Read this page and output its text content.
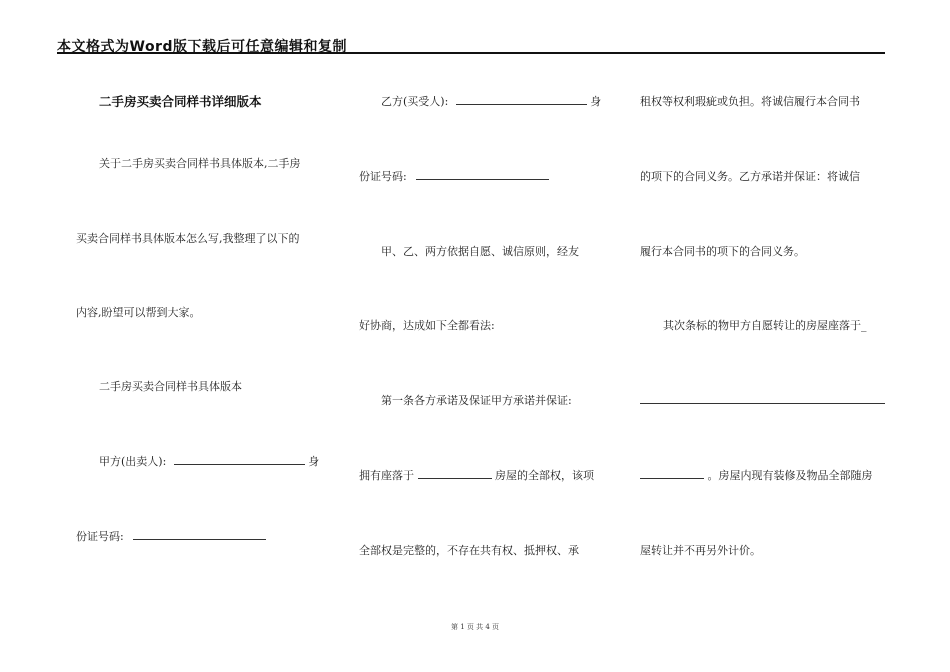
本文格式为Word版下载后可任意编辑和复制
二手房买卖合同样书详细版本
关于二手房买卖合同样书具体版本,二手房
买卖合同样书具体版本怎么写,我整理了以下的
内容,盼望可以帮到大家。
二手房买卖合同样书具体版本
甲方(出卖人):	身
份证号码:
乙方(买受人):	身
份证号码:
甲、乙、两方依据自愿、诚信原则，经友
好协商，达成如下全都看法:
第一条各方承诺及保证甲方承诺并保证:
拥有座落于	房屋的全部权，该项
全部权是完整的，不存在共有权、抵押权、承
租权等权利瑕疵或负担。将诚信履行本合同书
的项下的合同义务。乙方承诺并保证：将诚信
履行本合同书的项下的合同义务。
其次条标的物甲方自愿转让的房屋座落于_
。房屋内现有装修及物品全部随房
屋转让并不再另外计价。
第 1 页 共 4 页
